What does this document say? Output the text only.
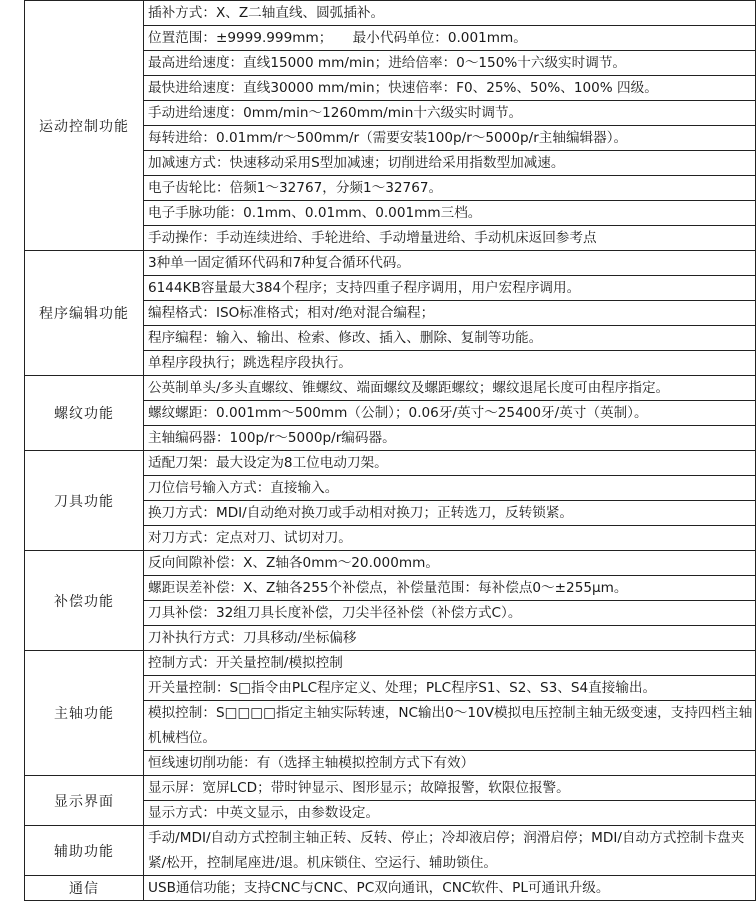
运动控制功能	插补方式：X、Z二轴直线、圆弧插补。
	位置范围：±9999.999mm；　　最小代码单位：0.001mm。
	最高进给速度：直线15000 mm/min；进给倍率：0～150%十六级实时调节。
	最快进给速度：直线30000 mm/min；快速倍率：F0、25%、50%、100% 四级。
	手动进给速度：0mm/min～1260mm/min十六级实时调节。
	每转进给：0.01mm/r～500mm/r（需要安装100p/r～5000p/r主轴编辑器）。
	加减速方式：快速移动采用S型加减速；切削进给采用指数型加减速。
	电子齿轮比：倍频1～32767，分频1～32767。
	电子手脉功能：0.1mm、0.01mm、0.001mm三档。
	手动操作：手动连续进给、手轮进给、手动增量进给、手动机床返回参考点
程序编辑功能	3种单一固定循环代码和7种复合循环代码。
	6144KB容量最大384个程序；支持四重子程序调用，用户宏程序调用。
	编程格式：ISO标准格式；相对/绝对混合编程；
	程序编程：输入、输出、检索、修改、插入、删除、复制等功能。
	单程序段执行；跳选程序段执行。
螺纹功能	公英制单头/多头直螺纹、锥螺纹、端面螺纹及螺距螺纹；螺纹退尾长度可由程序指定。
	螺纹螺距：0.001mm～500mm（公制）；0.06牙/英寸～25400牙/英寸（英制）。
	主轴编码器：100p/r～5000p/r编码器。
刀具功能	适配刀架：最大设定为8工位电动刀架。
	刀位信号输入方式：直接输入。
	换刀方式：MDI/自动绝对换刀或手动相对换刀；正转选刀，反转锁紧。
	对刀方式：定点对刀、试切对刀。
补偿功能	反向间隙补偿：X、Z轴各0mm～20.000mm。
	螺距误差补偿：X、Z轴各255个补偿点，补偿量范围：每补偿点0～±255μm。
	刀具补偿：32组刀具长度补偿，刀尖半径补偿（补偿方式C）。
	刀补执行方式：刀具移动/坐标偏移
主轴功能	控制方式：开关量控制/模拟控制
	开关量控制：S□指令由PLC程序定义、处理；PLC程序S1、S2、S3、S4直接输出。
	模拟控制：S□□□□指定主轴实际转速，NC输出0～10V模拟电压控制主轴无级变速，支持四档主轴机械档位。
	恒线速切削功能：有（选择主轴模拟控制方式下有效）
显示界面	显示屏：宽屏LCD；带时钟显示、图形显示；故障报警，软限位报警。
	显示方式：中英文显示，由参数设定。
辅助功能	手动/MDI/自动方式控制主轴正转、反转、停止；冷却液启停；润滑启停；MDI/自动方式控制卡盘夹紧/松开，控制尾座进/退。机床锁住、空运行、辅助锁住。
通信	USB通信功能；支持CNC与CNC、PC双向通讯，CNC软件、PL可通讯升级。
